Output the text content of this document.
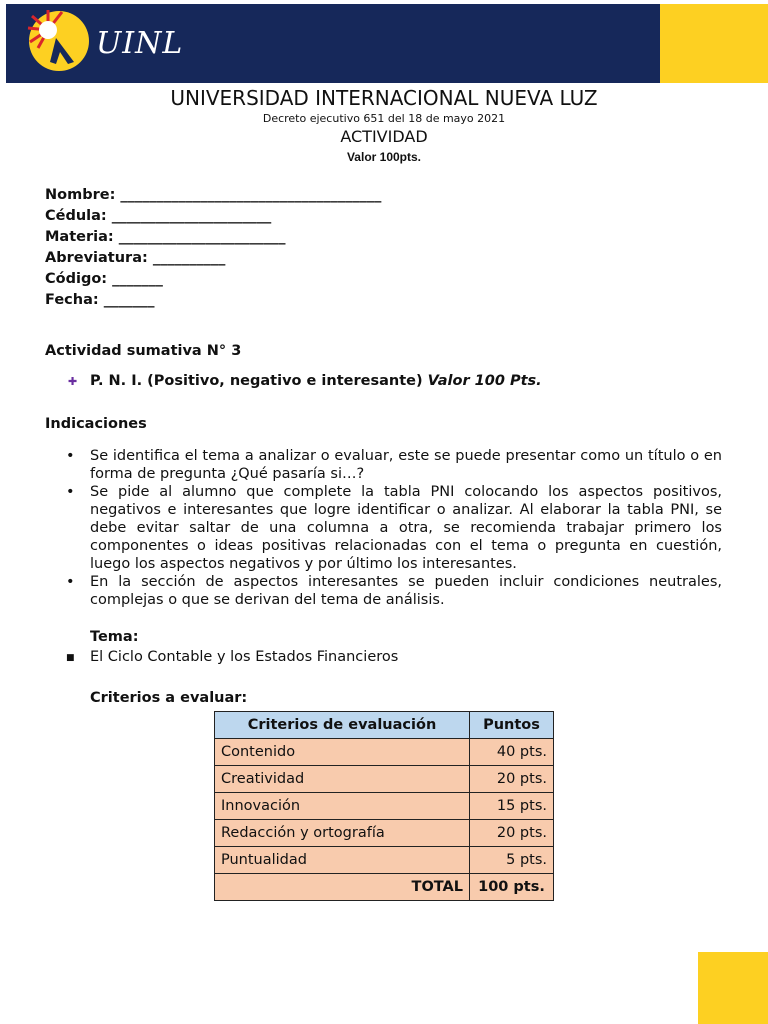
UINL
UNIVERSIDAD INTERNACIONAL NUEVA LUZ
Decreto ejecutivo 651 del 18 de mayo 2021
ACTIVIDAD
Valor 100pts.
Nombre: ____________________________________
Cédula: ______________________
Materia: _______________________
Abreviatura: __________
Código: _______
Fecha: _______
Actividad sumativa N° 3
✚ P. N. I. (Positivo, negativo e interesante) Valor 100 Pts.
Indicaciones
•	Se identifica el tema a analizar o evaluar, este se puede presentar como un título o en forma de pregunta ¿Qué pasaría si…?
•	Se pide al alumno que complete la tabla PNI colocando los aspectos positivos, negativos e interesantes que logre identificar o analizar. Al elaborar la tabla PNI, se debe evitar saltar de una columna a otra, se recomienda trabajar primero los componentes o ideas positivas relacionadas con el tema o pregunta en cuestión, luego los aspectos negativos y por último los interesantes.
•	En la sección de aspectos interesantes se pueden incluir condiciones neutrales, complejas o que se derivan del tema de análisis.
Tema:
■	El Ciclo Contable y los Estados Financieros
Criterios a evaluar:
Criterios de evaluación	Puntos
Contenido	40 pts.
Creatividad	20 pts.
Innovación	15 pts.
Redacción y ortografía	20 pts.
Puntualidad	5 pts.
TOTAL	100 pts.
